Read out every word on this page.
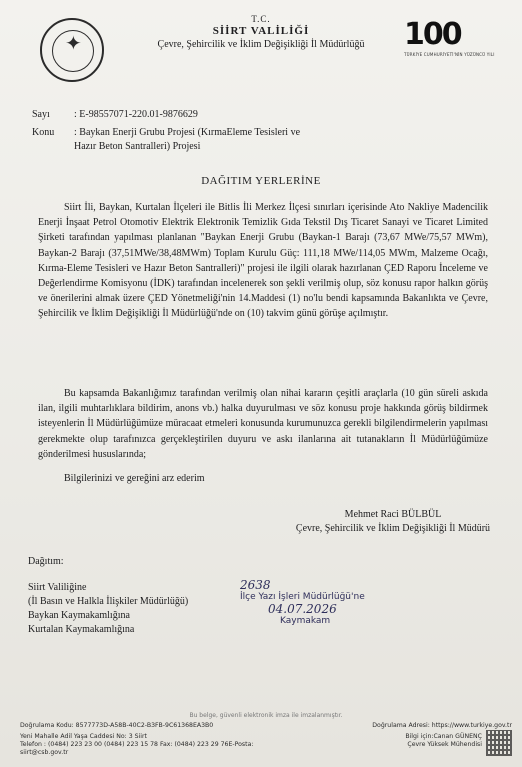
✦
T.C.
SİİRT VALİLİĞİ
Çevre, Şehircilik ve İklim Değişikliği İl Müdürlüğü	100
TÜRKİYE CUMHURİYETİ'NİN YÜZÜNCÜ YILI
Sayı	: E-98557071-220.01-9876629
Konu	: Baykan Enerji Grubu Projesi (KırmaEleme Tesisleri ve Hazır Beton Santralleri) Projesi
DAĞITIM YERLERİNE
Siirt İli, Baykan, Kurtalan İlçeleri ile Bitlis İli Merkez İlçesi sınırları içerisinde Ato Nakliye Madencilik Enerji İnşaat Petrol Otomotiv Elektrik Elektronik Temizlik Gıda Tekstil Dış Ticaret Sanayi ve Ticaret Limited Şirketi tarafından yapılması planlanan "Baykan Enerji Grubu (Baykan-1 Barajı (73,67 MWe/75,57 MWm), Baykan-2 Barajı (37,51MWe/38,48MWm) Toplam Kurulu Güç: 111,18 MWe/114,05 MWm, Malzeme Ocağı, Kırma-Eleme Tesisleri ve Hazır Beton Santralleri)" projesi ile ilgili olarak hazırlanan ÇED Raporu İnceleme ve Değerlendirme Komisyonu (İDK) tarafından incelenerek son şekli verilmiş olup, söz konusu rapor halkın görüş ve önerilerini almak üzere ÇED Yönetmeliği'nin 14.Maddesi (1) no'lu bendi kapsamında Bakanlıkta ve Çevre, Şehircilik ve İklim Değişikliği İl Müdürlüğü'nde on (10) takvim günü görüşe açılmıştır.
Bu kapsamda Bakanlığımız tarafından verilmiş olan nihai kararın çeşitli araçlarla (10 gün süreli askıda ilan, ilgili muhtarlıklara bildirim, anons vb.) halka duyurulması ve söz konusu proje hakkında görüş bildirmek isteyenlerin İl Müdürlüğümüze müracaat etmeleri konusunda kurumunuzca gerekli bilgilendirmelerin yapılması gerekmekte olup tarafınızca gerçekleştirilen duyuru ve askı ilanlarına ait tutanakların İl Müdürlüğümüze gönderilmesi hususlarında;
Bilgilerinizi ve gereğini arz ederim
Mehmet Raci BÜLBÜL
Çevre, Şehircilik ve İklim Değişikliği İl Müdürü
Dağıtım:
Siirt Valiliğine
(İl Basın ve Halkla İlişkiler Müdürlüğü)
Baykan Kaymakamlığına
Kurtalan Kaymakamlığına
2638
İlçe Yazı İşleri Müdürlüğü'ne
04.07.2026
Kaymakam
Bu belge, güvenli elektronik imza ile imzalanmıştır.
Doğrulama Kodu: 8577773D-A58B-40C2-B3FB-9C61368EA3B0	Doğrulama Adresi: https://www.turkiye.gov.tr
Yeni Mahalle Adil Yaşa Caddesi No: 3 Siirt	Bilgi için:Canan GÜNENÇ
Telefon : (0484) 223 23 00 (0484) 223 15 78 Fax: (0484) 223 29 76E-Posta:	Çevre Yüksek Mühendisi
siirt@csb.gov.tr
